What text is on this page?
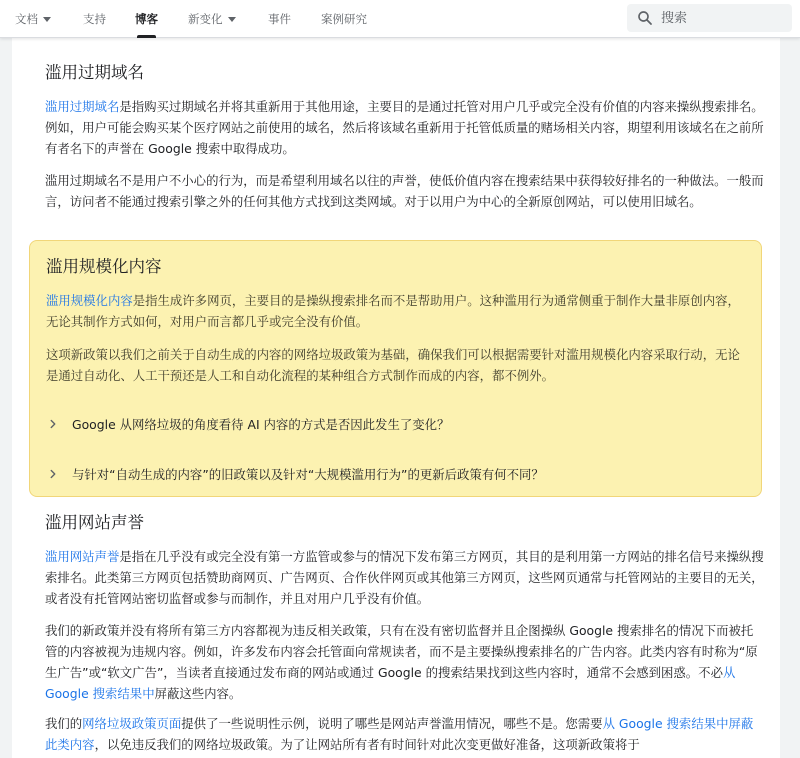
文档	支持	博客	新变化	事件	案例研究
搜索
滥用过期域名

滥用过期域名是指购买过期域名并将其重新用于其他用途，主要目的是通过托管对用户几乎或完全没有价值的内容来操纵搜索排名。例如，用户可能会购买某个医疗网站之前使用的域名，然后将该域名重新用于托管低质量的赌场相关内容，期望利用该域名在之前所有者名下的声誉在 Google 搜索中取得成功。

滥用过期域名不是用户不小心的行为，而是希望利用域名以往的声誉，使低价值内容在搜索结果中获得较好排名的一种做法。一般而言，访问者不能通过搜索引擎之外的任何其他方式找到这类网域。对于以用户为中心的全新原创网站，可以使用旧域名。

滥用规模化内容

滥用规模化内容是指生成许多网页，主要目的是操纵搜索排名而不是帮助用户。这种滥用行为通常侧重于制作大量非原创内容，无论其制作方式如何，对用户而言都几乎或完全没有价值。

这项新政策以我们之前关于自动生成的内容的网络垃圾政策为基础，确保我们可以根据需要针对滥用规模化内容采取行动，无论是通过自动化、人工干预还是人工和自动化流程的某种组合方式制作而成的内容，都不例外。

Google 从网络垃圾的角度看待 AI 内容的方式是否因此发生了变化？
与针对“自动生成的内容”的旧政策以及针对“大规模滥用行为”的更新后政策有何不同？
滥用网站声誉

滥用网站声誉是指在几乎没有或完全没有第一方监管或参与的情况下发布第三方网页，其目的是利用第一方网站的排名信号来操纵搜索排名。此类第三方网页包括赞助商网页、广告网页、合作伙伴网页或其他第三方网页，这些网页通常与托管网站的主要目的无关，或者没有托管网站密切监督或参与而制作，并且对用户几乎没有价值。

我们的新政策并没有将所有第三方内容都视为违反相关政策，只有在没有密切监督并且企图操纵 Google 搜索排名的情况下而被托管的内容被视为违规内容。例如，许多发布内容会托管面向常规读者，而不是主要操纵搜索排名的广告内容。此类内容有时称为“原生广告”或“软文广告”，当读者直接通过发布商的网站或通过 Google 的搜索结果找到这些内容时，通常不会感到困惑。不必从 Google 搜索结果中屏蔽这些内容。

我们的网络垃圾政策页面提供了一些说明性示例，说明了哪些是网站声誉滥用情况，哪些不是。您需要从 Google 搜索结果中屏蔽此类内容，以免违反我们的网络垃圾政策。为了让网站所有者有时间针对此次变更做好准备，这项新政策将于
